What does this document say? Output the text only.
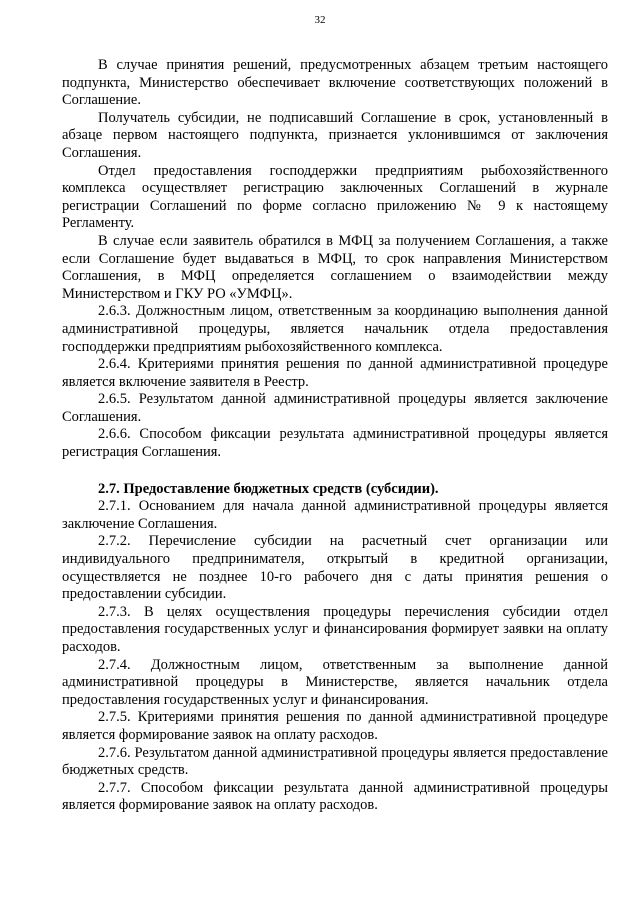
32

В случае принятия решений, предусмотренных абзацем третьим настоящего подпункта, Министерство обеспечивает включение соответствующих положений в Соглашение.

Получатель субсидии, не подписавший Соглашение в срок, установленный в абзаце первом настоящего подпункта, признается уклонившимся от заключения Соглашения.

Отдел предоставления господдержки предприятиям рыбохозяйственного комплекса осуществляет регистрацию заключенных Соглашений в журнале регистрации Соглашений по форме согласно приложению № 9 к настоящему Регламенту.

В случае если заявитель обратился в МФЦ за получением Соглашения, а также если Соглашение будет выдаваться в МФЦ, то срок направления Министерством Соглашения, в МФЦ определяется соглашением о взаимодействии между Министерством и ГКУ РО «УМФЦ».

2.6.3. Должностным лицом, ответственным за координацию выполнения данной административной процедуры, является начальник отдела предоставления господдержки предприятиям рыбохозяйственного комплекса.

2.6.4. Критериями принятия решения по данной административной процедуре является включение заявителя в Реестр.

2.6.5. Результатом данной административной процедуры является заключение Соглашения.

2.6.6. Способом фиксации результата административной процедуры является регистрация Соглашения.

2.7. Предоставление бюджетных средств (субсидии).

2.7.1. Основанием для начала данной административной процедуры является заключение Соглашения.

2.7.2. Перечисление субсидии на расчетный счет организации или индивидуального предпринимателя, открытый в кредитной организации, осуществляется не позднее 10-го рабочего дня с даты принятия решения о предоставлении субсидии.

2.7.3. В целях осуществления процедуры перечисления субсидии отдел предоставления государственных услуг и финансирования формирует заявки на оплату расходов.

2.7.4. Должностным лицом, ответственным за выполнение данной административной процедуры в Министерстве, является начальник отдела предоставления государственных услуг и финансирования.

2.7.5. Критериями принятия решения по данной административной процедуре является формирование заявок на оплату расходов.

2.7.6. Результатом данной административной процедуры является предоставление бюджетных средств.

2.7.7. Способом фиксации результата данной административной процедуры является формирование заявок на оплату расходов.
